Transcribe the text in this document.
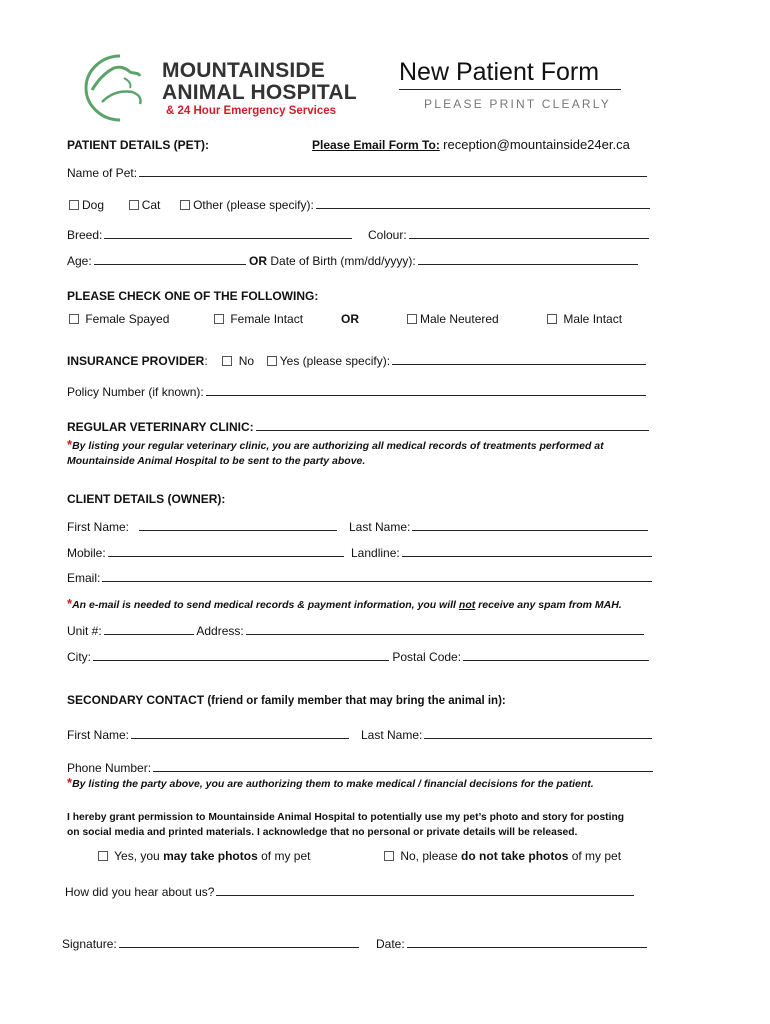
MOUNTAINSIDE
ANIMAL HOSPITAL
& 24 Hour Emergency Services
New Patient Form
PLEASE PRINT CLEARLY
PATIENT DETAILS (PET):	Please Email Form To: reception@mountainside24er.ca
Name of Pet:
Dog	Cat	Other (please specify):
Breed:	Colour:
Age:	OR Date of Birth (mm/dd/yyyy):
PLEASE CHECK ONE OF THE FOLLOWING:
Female Spayed	Female Intact	OR	Male Neutered	Male Intact
INSURANCE PROVIDER:	No Yes (please specify):
Policy Number (if known):
REGULAR VETERINARY CLINIC:
*By listing your regular veterinary clinic, you are authorizing all medical records of treatments performed at
Mountainside Animal Hospital to be sent to the party above.
CLIENT DETAILS (OWNER):
First Name:	Last Name:
Mobile:	Landline:
Email:
*An e-mail is needed to send medical records & payment information, you will not receive any spam from MAH.
Unit #:	Address:
City:	Postal Code:
SECONDARY CONTACT (friend or family member that may bring the animal in):
First Name:	Last Name:
Phone Number:
*By listing the party above, you are authorizing them to make medical / financial decisions for the patient.
I hereby grant permission to Mountainside Animal Hospital to potentially use my pet’s photo and story for posting
on social media and printed materials. I acknowledge that no personal or private details will be released.
Yes, you may take photos of my pet	No, please do not take photos of my pet
How did you hear about us?
Signature:	Date:
